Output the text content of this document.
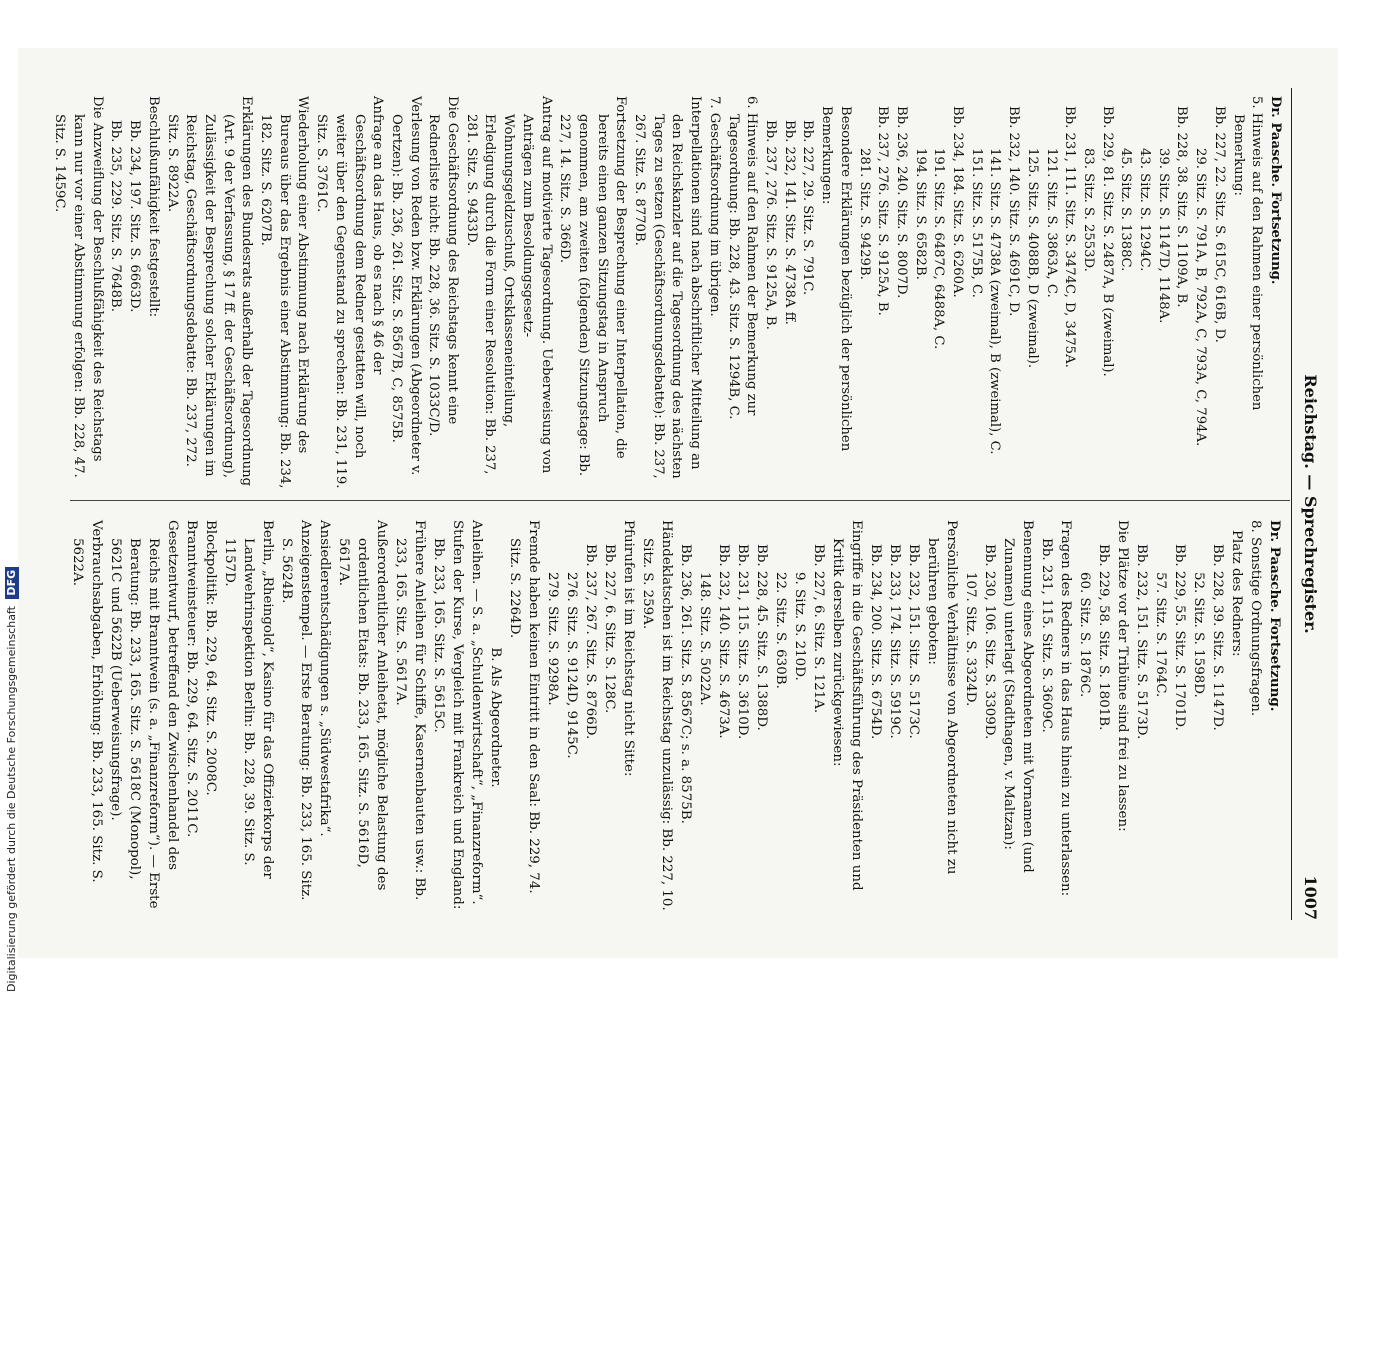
Reichstag. — Sprechregister.
1007

Dr. Paasche. Fortsetzung.

5. Hinweis auf den Rahmen einer persönlichen Bemerkung:

Bb. 227, 22. Sitz. S. 615C, 616B, D.

29. Sitz. S. 791A, B, 792A, C, 793A, C, 794A.

Bb. 228, 38. Sitz. S. 1109A, B.

39. Sitz. S. 1147D, 1148A.

43. Sitz. S. 1294C.

45. Sitz. S. 1388C.

Bb. 229, 81. Sitz. S. 2487A, B (zweimal).

83. Sitz. S. 2553D.

Bb. 231, 111. Sitz. S. 3474C, D, 3475A.

121. Sitz. S. 3863A, C.

125. Sitz. S. 4088B, D (zweimal).

Bb. 232, 140. Sitz. S. 4691C, D.

141. Sitz. S. 4738A (zweimal), B (zweimal), C.

151. Sitz. S. 5175B, C.

Bb. 234, 184. Sitz. S. 6260A.

191. Sitz. S. 6487C, 6488A, C.

194. Sitz. S. 6582B.

Bb. 236, 240. Sitz. S. 8007D.

Bb. 237, 276. Sitz. S. 9125A, B.

281. Sitz. S. 9429B.

Besondere Erklärungen bezüglich der persönlichen Bemerkungen:

Bb. 227, 29. Sitz. S. 791C.

Bb. 232, 141. Sitz. S. 4738A ff.

Bb. 237, 276. Sitz. S. 9125A, B.

6. Hinweis auf den Rahmen der Bemerkung zur Tagesordnung: Bb. 228, 43. Sitz. S. 1294B, C.

7. Geschäftsordnung im übrigen.

Interpellationen sind nach abschriftlicher Mitteilung an den Reichskanzler auf die Tagesordnung des nächsten Tages zu setzen (Geschäftsordnungsdebatte): Bb. 237, 267. Sitz. S. 8770B.

Fortsetzung der Besprechung einer Interpellation, die bereits einen ganzen Sitzungstag in Anspruch genommen, am zweiten (folgenden) Sitzungstage: Bb. 227, 14. Sitz. S. 366D.

Antrag auf motivierte Tagesordnung. Ueberweisung von Anträgen zum Besoldungsgesetz-Wohnungsgeldzuschuß, Ortsklasseneinteilung, Erledigung durch die Form einer Resolution: Bb. 237, 281. Sitz. S. 9433D.

Die Geschäftsordnung des Reichstags kennt eine Rednerliste nicht: Bb. 228, 36. Sitz. S. 1033C/D.

Verlesung von Reden bzw. Erklärungen (Abgeordneter v. Oertzen): Bb. 236, 261. Sitz. S. 8567B, C, 8575B.

Anfrage an das Haus, ob es nach § 46 der Geschäftsordnung dem Redner gestatten will, noch weiter über den Gegenstand zu sprechen: Bb. 231, 119. Sitz. S. 3761C.

Wiederholung einer Abstimmung nach Erklärung des Bureaus über das Ergebnis einer Abstimmung: Bb. 234, 182. Sitz. S. 6207B.

Erklärungen des Bundesrats außerhalb der Tagesordnung (Art. 9 der Verfassung, § 17 ff. der Geschäftsordnung), Zulässigkeit der Besprechung solcher Erklärungen im Reichstag, Geschäftsordnungsdebatte: Bb. 237, 272. Sitz. S. 8922A.

Beschlußunfähigkeit festgestellt:

Bb. 234, 197. Sitz. S. 6663D.

Bb. 235, 229. Sitz. S. 7648B.

Die Anzweiflung der Beschlußfähigkeit des Reichstags kann nur vor einer Abstimmung erfolgen: Bb. 228, 47. Sitz. S. 1459C.

Dr. Paasche. Fortsetzung.

8. Sonstige Ordnungsfragen.

Platz des Redners:

Bb. 228, 39. Sitz. S. 1147D.

52. Sitz. S. 1598D.

Bb. 229, 55. Sitz. S. 1701D.

57. Sitz. S. 1764C.

Bb. 232, 151. Sitz. S. 5173D.

Die Plätze vor der Tribüne sind frei zu lassen:

Bb. 229, 58. Sitz. S. 1801B.

60. Sitz. S. 1876C.

Fragen des Redners in das Haus hinein zu unterlassen: Bb. 231, 115. Sitz. S. 3609C.

Benennung eines Abgeordneten mit Vornamen (und Zunamen) unterlagt (Stadthagen, v. Maltzan):

Bb. 230, 106. Sitz. S. 3309D.

107. Sitz. S. 3324D.

Persönliche Verhältnisse von Abgeordneten nicht zu berühren geboten:

Bb. 232, 151. Sitz. S. 5173C.

Bb. 233, 174. Sitz. S. 5919C.

Bb. 234, 200. Sitz. S. 6754D.

Eingriffe in die Geschäftsführung des Präsidenten und Kritik derselben zurückgewiesen:

Bb. 227, 6. Sitz. S. 121A.

9. Sitz. S. 210D.

22. Sitz. S. 630B.

Bb. 228, 45. Sitz. S. 1388D.

Bb. 231, 115. Sitz. S. 3610D.

Bb. 232, 140. Sitz. S. 4673A.

148. Sitz. S. 5022A.

Bb. 236, 261. Sitz. S. 8567C; s. a. 8575B.

Händeklatschen ist im Reichstag unzulässig: Bb. 227, 10. Sitz. S. 259A.

Pfuirufen ist im Reichstag nicht Sitte:

Bb. 227, 6. Sitz. S. 128C.

Bb. 237, 267. Sitz. S. 8766D.

276. Sitz. S. 9124D, 9145C.

279. Sitz. S. 9298A.

Fremde haben keinen Eintritt in den Saal: Bb. 229, 74. Sitz. S. 2264D.

B. Als Abgeordneter.

Anleihen. — S. a. „Schuldenwirtschaft“, „Finanzreform“.

Stufen der Kurse, Vergleich mit Frankreich und England: Bb. 233, 165. Sitz. S. 5615C.

Frühere Anleihen für Schiffe, Kasernenbauten usw.: Bb. 233, 165. Sitz. S. 5617A.

Außerordentlicher Anleihetat, mögliche Belastung des ordentlichen Etats: Bb. 233, 165. Sitz. S. 5616D, 5617A.

Ansiedlerentschädigungen s. „Südwestafrika“.

Anzeigenstempel. — Erste Beratung: Bb. 233, 165. Sitz. S. 5624B.

Berlin, „Rheingold“, Kasino für das Offizierkorps der Landwehrinspektion Berlin: Bb. 228, 39. Sitz. S. 1157D.

Blockpolitik: Bb. 229, 64. Sitz. S. 2008C.

Branntweinsteuer: Bb. 229, 64. Sitz. S. 2011C.

Gesetzentwurf, betreffend den Zwischenhandel des Reichs mit Branntwein (s. a. „Finanzreform“). — Erste Beratung: Bb. 233, 165. Sitz. S. 5618C (Monopol), 5621C und 5622B (Ueberweisungsfrage).

Verbrauchsabgaben, Erhöhung: Bb. 233, 165. Sitz. S. 5622A.

Digitalisierung gefördert durch die Deutsche Forschungsgemeinschaft DFG
